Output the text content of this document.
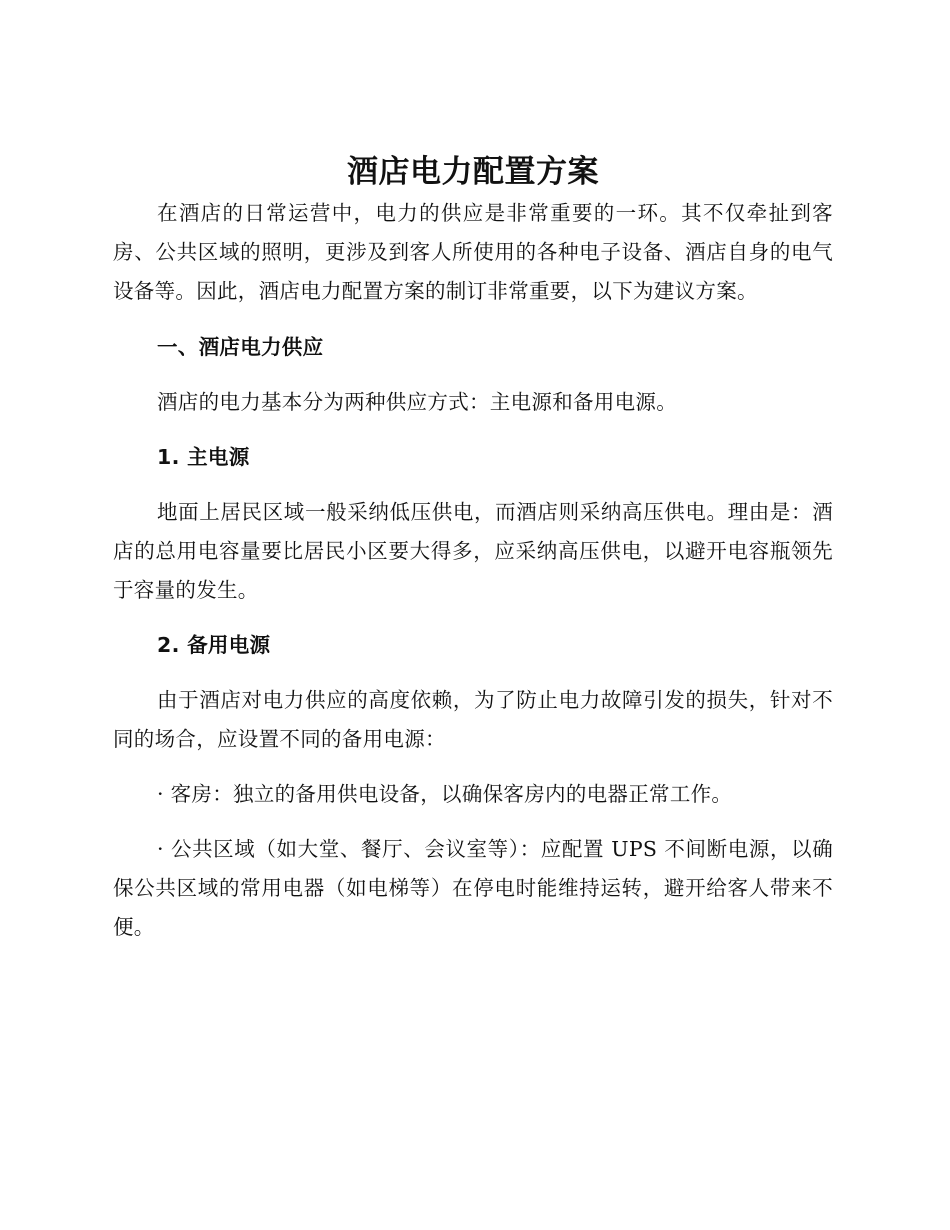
酒店电力配置方案

在酒店的日常运营中，电力的供应是非常重要的一环。其不仅牵扯到客房、公共区域的照明，更涉及到客人所使用的各种电子设备、酒店自身的电气设备等。因此，酒店电力配置方案的制订非常重要，以下为建议方案。

一、酒店电力供应

酒店的电力基本分为两种供应方式：主电源和备用电源。

1. 主电源

地面上居民区域一般采纳低压供电，而酒店则采纳高压供电。理由是：酒店的总用电容量要比居民小区要大得多，应采纳高压供电，以避开电容瓶领先于容量的发生。

2. 备用电源

由于酒店对电力供应的高度依赖，为了防止电力故障引发的损失，针对不同的场合，应设置不同的备用电源：

· 客房：独立的备用供电设备，以确保客房内的电器正常工作。

· 公共区域（如大堂、餐厅、会议室等）：应配置 UPS 不间断电源，以确保公共区域的常用电器（如电梯等）在停电时能维持运转，避开给客人带来不便。
